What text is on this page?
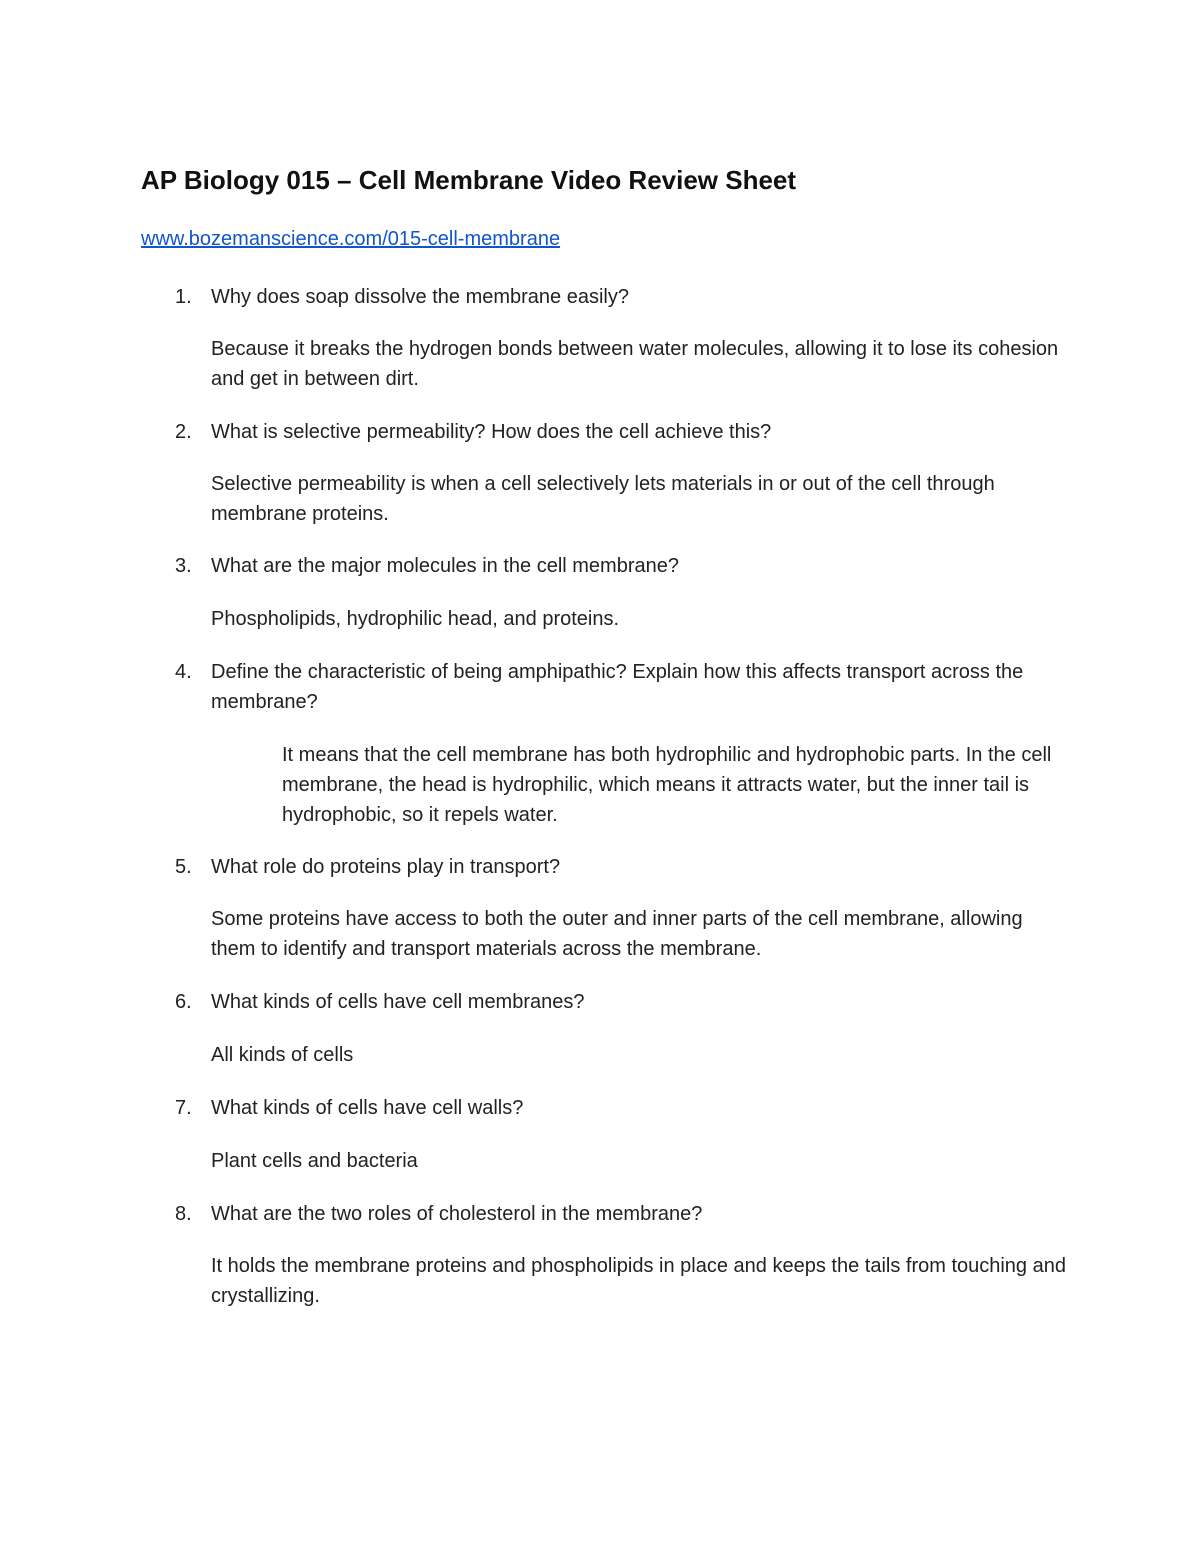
AP Biology 015 – Cell Membrane Video Review Sheet
www.bozemanscience.com/015-cell-membrane
1. Why does soap dissolve the membrane easily?
Because it breaks the hydrogen bonds between water molecules, allowing it to lose its cohesion and get in between dirt.
2. What is selective permeability? How does the cell achieve this?
Selective permeability is when a cell selectively lets materials in or out of the cell through membrane proteins.
3. What are the major molecules in the cell membrane?
Phospholipids, hydrophilic head, and proteins.
4. Define the characteristic of being amphipathic? Explain how this affects transport across the membrane?
It means that the cell membrane has both hydrophilic and hydrophobic parts. In the cell membrane, the head is hydrophilic, which means it attracts water, but the inner tail is hydrophobic, so it repels water.
5. What role do proteins play in transport?
Some proteins have access to both the outer and inner parts of the cell membrane, allowing them to identify and transport materials across the membrane.
6. What kinds of cells have cell membranes?
All kinds of cells
7. What kinds of cells have cell walls?
Plant cells and bacteria
8. What are the two roles of cholesterol in the membrane?
It holds the membrane proteins and phospholipids in place and keeps the tails from touching and crystallizing.
